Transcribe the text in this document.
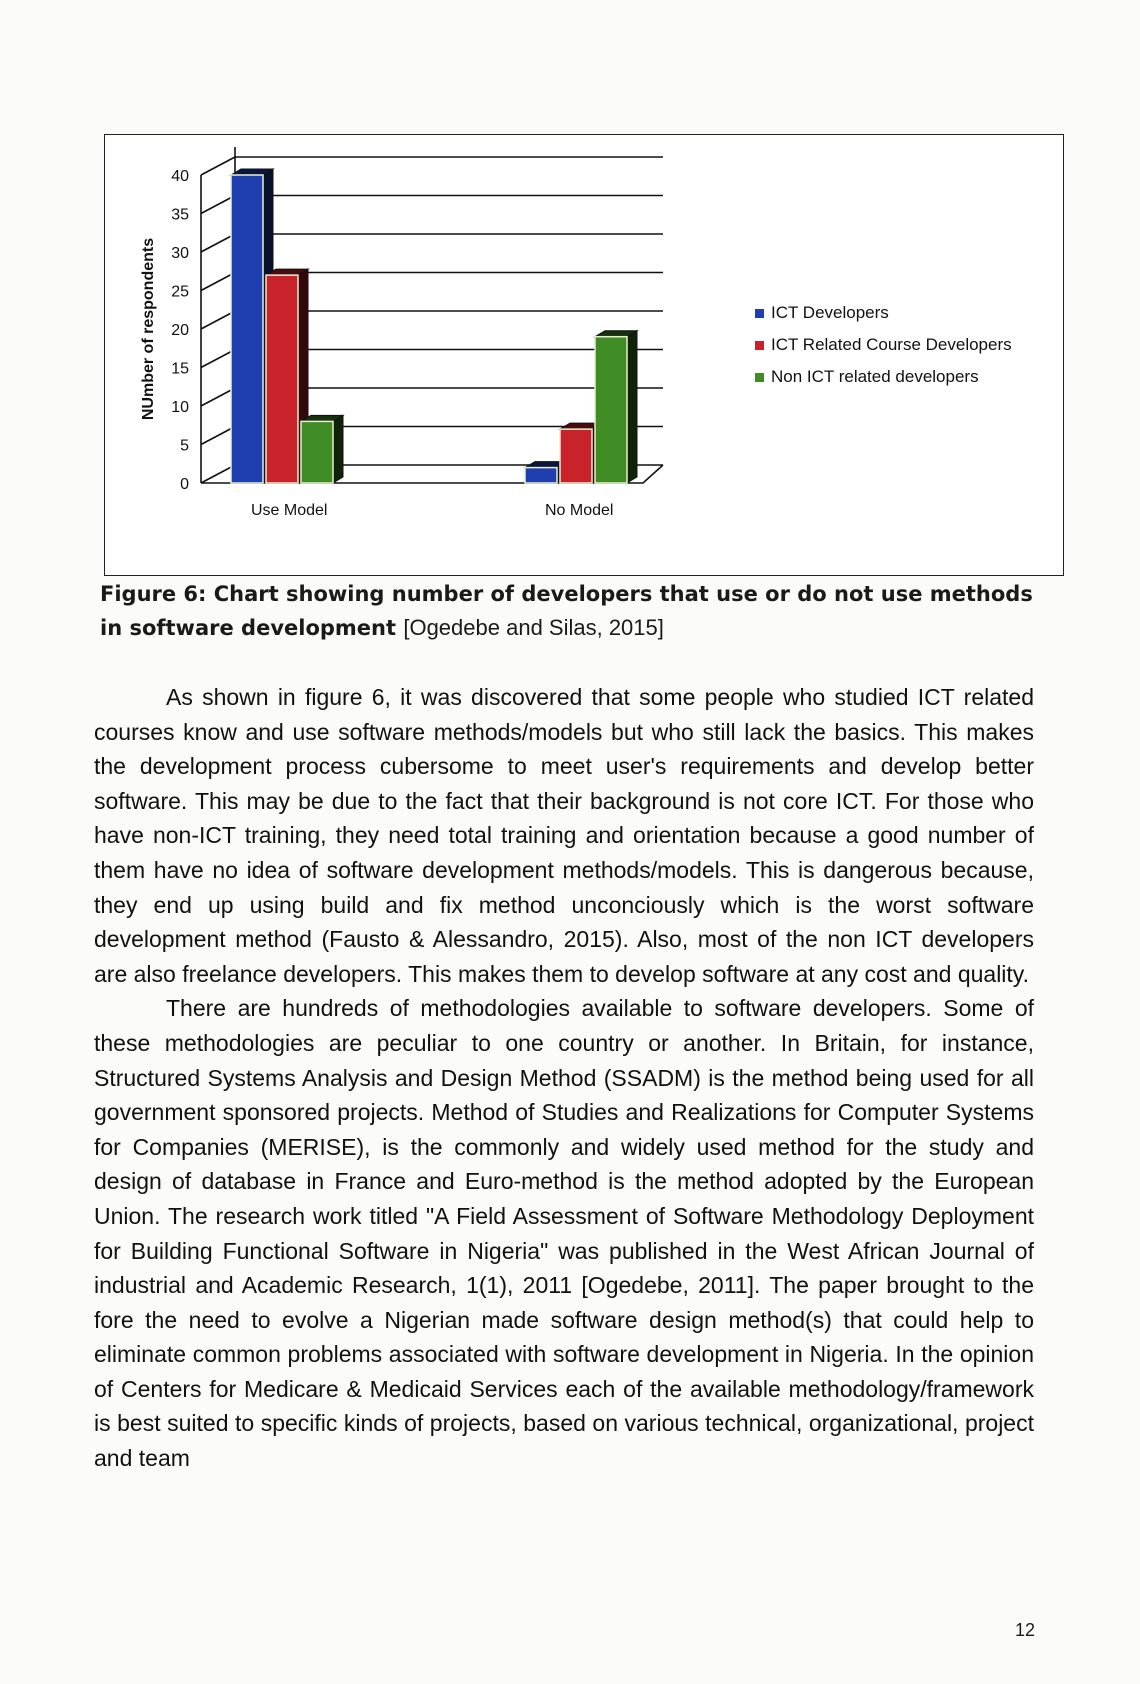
0
5
10
15
20
25
30
35
40
NUmber of respondents
Use Model	No Model
ICT Developers
ICT Related Course Developers
Non ICT related developers
Figure 6: Chart showing number of developers that use or do not use methods in software development [Ogedebe and Silas, 2015]

As shown in figure 6, it was discovered that some people who studied ICT related courses know and use software methods/models but who still lack the basics. This makes the development process cubersome to meet user's requirements and develop better software. This may be due to the fact that their background is not core ICT. For those who have non-ICT training, they need total training and orientation because a good number of them have no idea of software development methods/models. This is dangerous because, they end up using build and fix method unconciously which is the worst software development method (Fausto & Alessandro, 2015). Also, most of the non ICT developers are also freelance developers. This makes them to develop software at any cost and quality.

There are hundreds of methodologies available to software developers. Some of these methodologies are peculiar to one country or another. In Britain, for instance, Structured Systems Analysis and Design Method (SSADM) is the method being used for all government sponsored projects. Method of Studies and Realizations for Computer Systems for Companies (MERISE), is the commonly and widely used method for the study and design of database in France and Euro-method is the method adopted by the European Union. The research work titled "A Field Assessment of Software Methodology Deployment for Building Functional Software in Nigeria" was published in the West African Journal of industrial and Academic Research, 1(1), 2011 [Ogedebe, 2011]. The paper brought to the fore the need to evolve a Nigerian made software design method(s) that could help to eliminate common problems associated with software development in Nigeria. In the opinion of Centers for Medicare & Medicaid Services each of the available methodology/framework is best suited to specific kinds of projects, based on various technical, organizational, project and team

12
